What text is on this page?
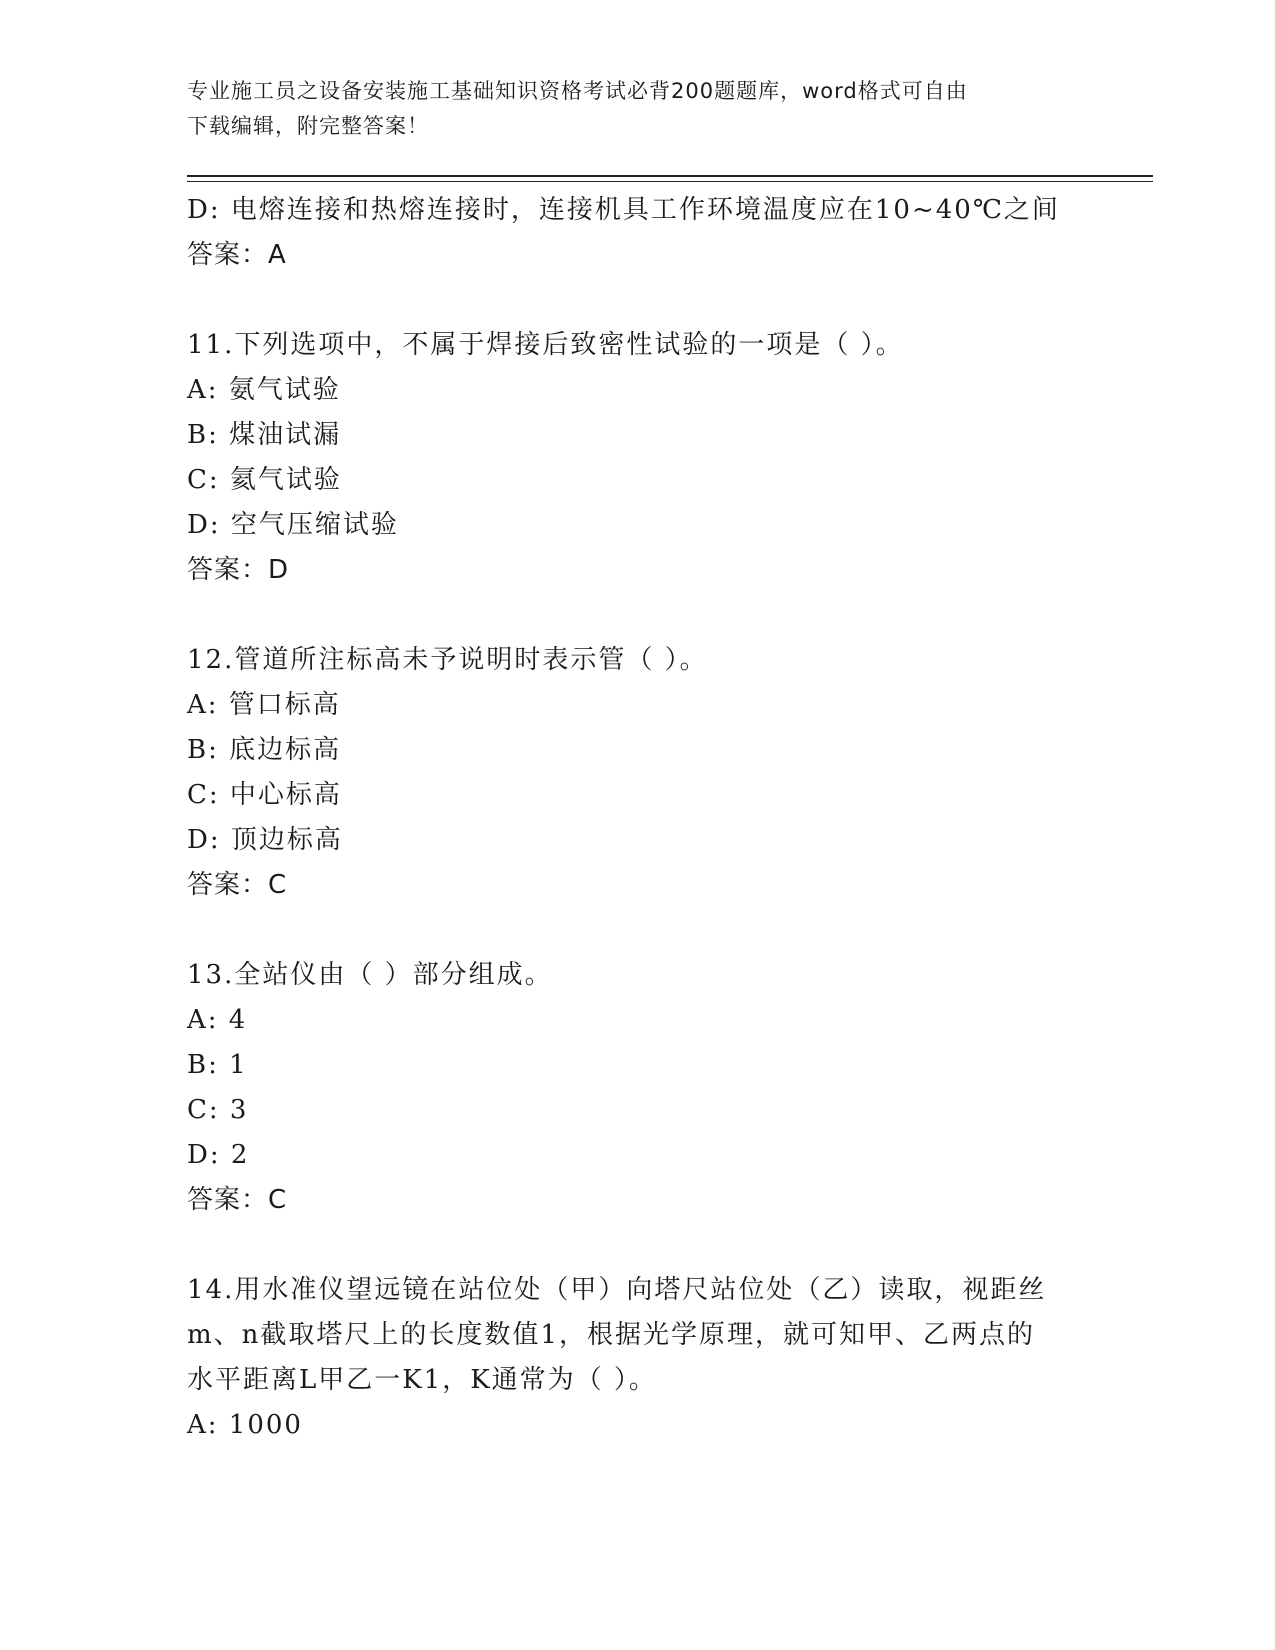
专业施工员之设备安装施工基础知识资格考试必背200题题库，word格式可自由
下载编辑，附完整答案！
D: 电熔连接和热熔连接时，连接机具工作环境温度应在10~40℃之间
答案：A
11.下列选项中，不属于焊接后致密性试验的一项是（ ）。
A: 氨气试验
B: 煤油试漏
C: 氦气试验
D: 空气压缩试验
答案：D
12.管道所注标高未予说明时表示管（ ）。
A: 管口标高
B: 底边标高
C: 中心标高
D: 顶边标高
答案：C
13.全站仪由（ ）部分组成。
A: 4
B: 1
C: 3
D: 2
答案：C
14.用水准仪望远镜在站位处（甲）向塔尺站位处（乙）读取，视距丝
m、n截取塔尺上的长度数值1，根据光学原理，就可知甲、乙两点的
水平距离L甲乙一K1，K通常为（ ）。
A: 1000
